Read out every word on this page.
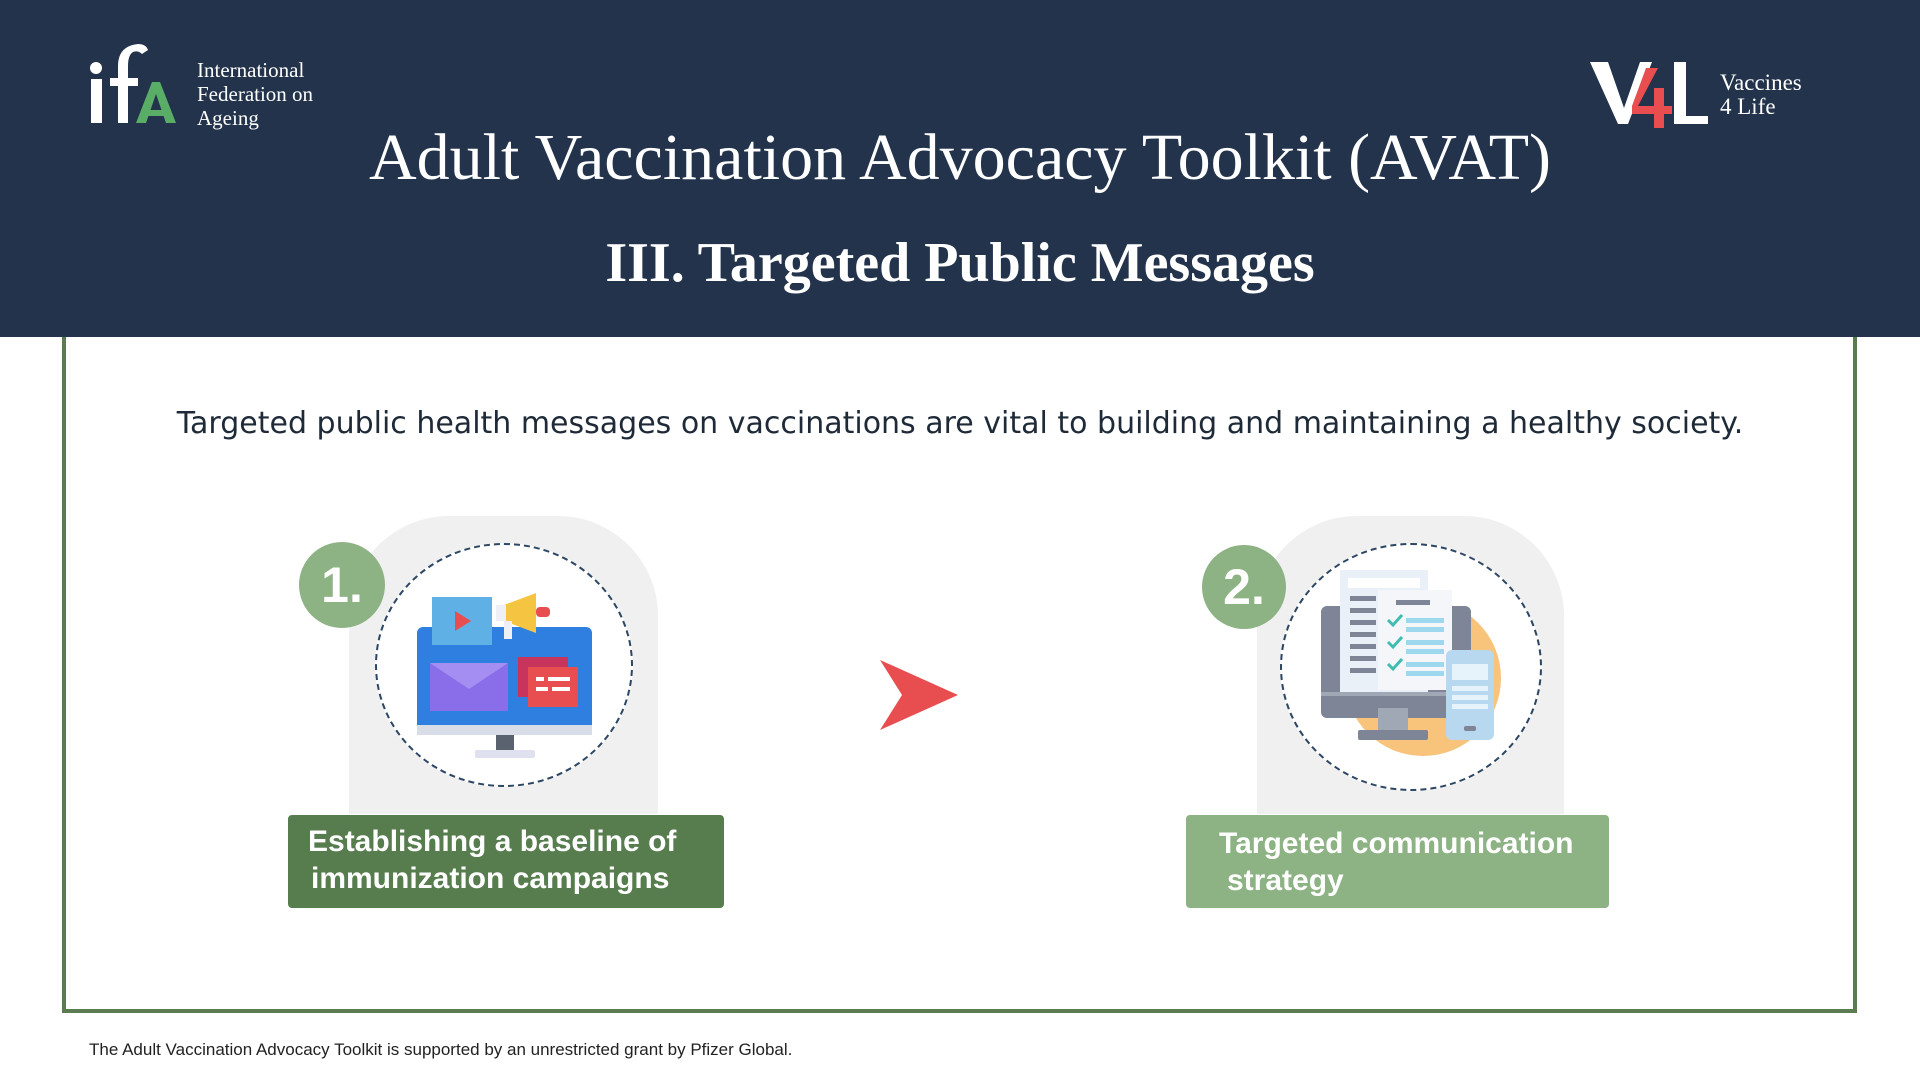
International
Federation on
Ageing
Vaccines
4 Life
Adult Vaccination Advocacy Toolkit (AVAT)
III. Targeted Public Messages
Targeted public health messages on vaccinations are vital to building and maintaining a healthy society.
1.
Establishing a baseline of
immunization campaigns
2.
Targeted communication
strategy
The Adult Vaccination Advocacy Toolkit is supported by an unrestricted grant by Pfizer Global.
